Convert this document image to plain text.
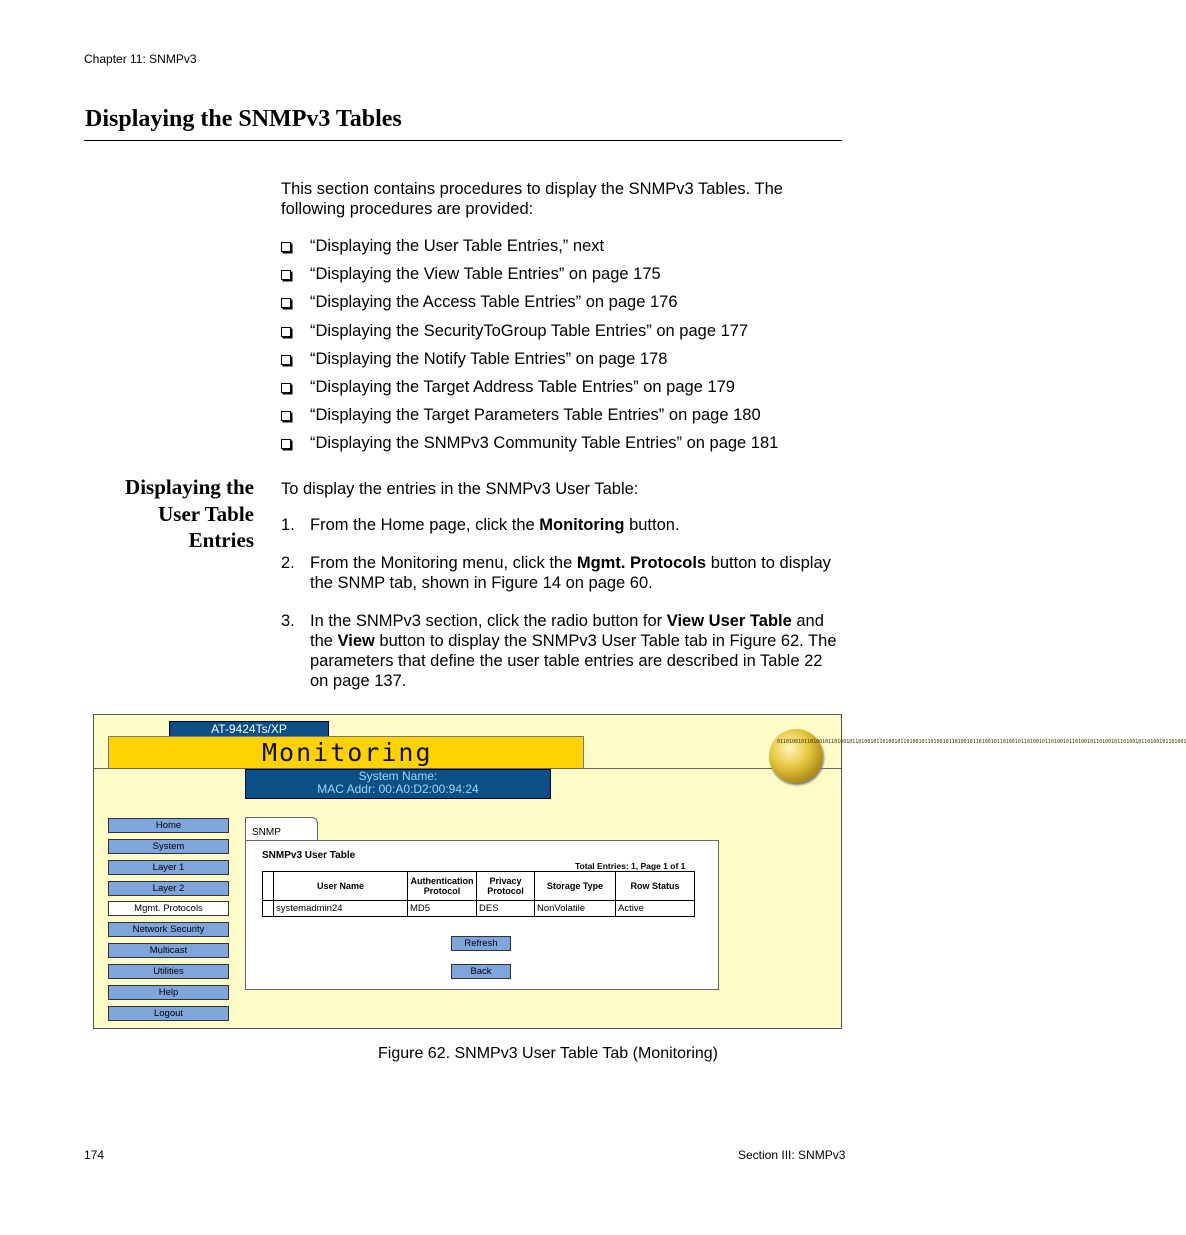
Chapter 11: SNMPv3
Displaying the SNMPv3 Tables
This section contains procedures to display the SNMPv3 Tables. The following procedures are provided:
“Displaying the User Table Entries,” next
“Displaying the View Table Entries” on page 175
“Displaying the Access Table Entries” on page 176
“Displaying the SecurityToGroup Table Entries” on page 177
“Displaying the Notify Table Entries” on page 178
“Displaying the Target Address Table Entries” on page 179
“Displaying the Target Parameters Table Entries” on page 180
“Displaying the SNMPv3 Community Table Entries” on page 181
Displaying the
User Table
Entries
To display the entries in the SNMPv3 User Table:
1. From the Home page, click the Monitoring button.
2. From the Monitoring menu, click the Mgmt. Protocols button to display the SNMP tab, shown in Figure 14 on page 60.
3. In the SNMPv3 section, click the radio button for View User Table and the View button to display the SNMPv3 User Table tab in Figure 62. The parameters that define the user table entries are described in Table 22 on page 137.
AT-9424Ts/XP
Monitoring
System Name:
MAC Addr: 00:A0:D2:00:94:24
0110100101101001011010010110100101101001011010010110100101101001011010010110100101101001011010010110100101101001011010010110100101101001
Home
System
Layer 1
Layer 2
Mgmt. Protocols
Network Security
Multicast
Utilities
Help
Logout
SNMP
SNMPv3 User Table
Total Entries: 1, Page 1 of 1
	User Name	Authentication Protocol	Privacy Protocol	Storage Type	Row Status
	systemadmin24	MD5	DES	NonVolatile	Active
Refresh
Back
Figure 62. SNMPv3 User Table Tab (Monitoring)
174	Section III: SNMPv3
